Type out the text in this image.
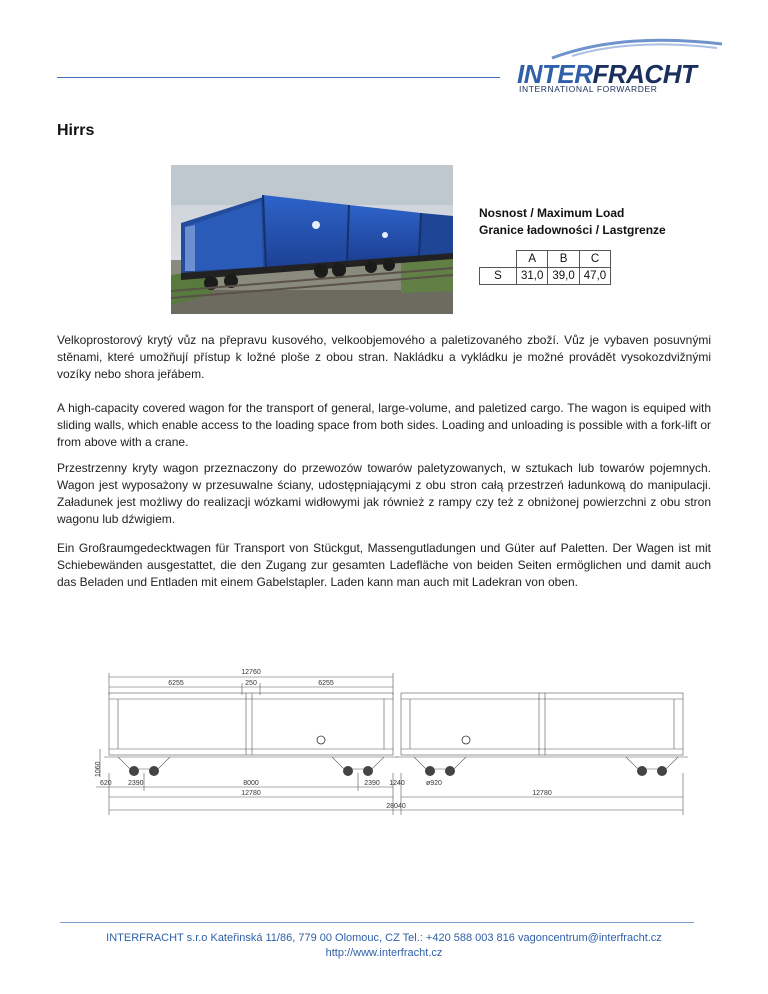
INTERFRACHT
INTERNATIONAL FORWARDER
Hirrs
Nosnost / Maximum Load
Granice ładowności / Lastgrenze
	A	B	C
S	31,0	39,0	47,0
Velkoprostorový krytý vůz na přepravu kusového, velkoobjemového a paletizovaného zboží. Vůz je vybaven posuvnými stěnami, které umožňují přístup k ložné ploše z obou stran. Nakládku a vykládku je možné provádět vysokozdvižnými vozíky nebo shora jeřábem.
A high-capacity covered wagon for the transport of general, large-volume, and paletized cargo. The wagon is equiped with sliding walls, which enable access to the loading space from both sides. Loading and unloading is possible with a fork-lift or from above with a crane.
Przestrzenny kryty wagon przeznaczony do przewozów towarów paletyzowanych, w sztukach lub towarów pojemnych. Wagon jest wyposażony w przesuwalne ściany, udostępniającymi z obu stron całą przestrzeń ładunkową do manipulacji. Załadunek jest możliwy do realizacji wózkami widłowymi jak również z rampy czy też z obniżonej powierzchni z obu stron wagonu lub dźwigiem.
Ein Großraumgedecktwagen für Transport von Stückgut, Massengutladungen und Güter auf Paletten. Der Wagen ist mit Schiebewänden ausgestattet, die den Zugang zur gesamten Ladefläche von beiden Seiten ermöglichen und damit auch das Beladen und Entladen mit einem Gabelstapler. Laden kann man auch mit Ladekran von oben.
12760
250
6255	6255
1060
620 2390	8000	2390 1240	ø920
12780	12780
28040
INTERFRACHT s.r.o Kateřinská 11/86, 779 00 Olomouc, CZ Tel.: +420 588 003 816 vagoncentrum@interfracht.cz
http://www.interfracht.cz
